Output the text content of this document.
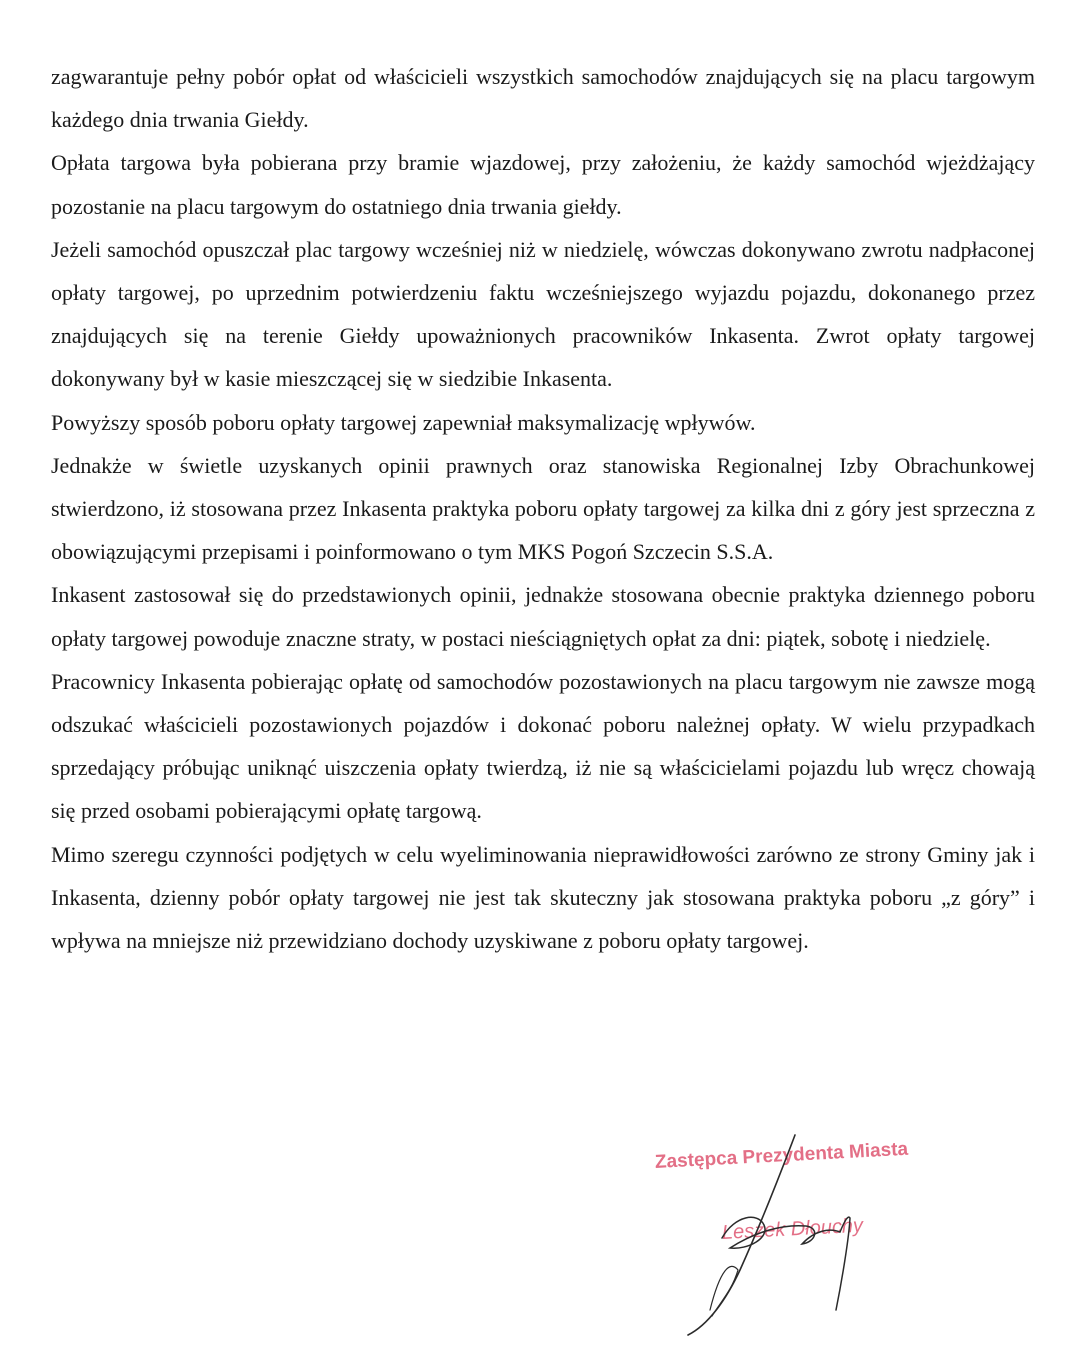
zagwarantuje pełny pobór opłat od właścicieli wszystkich samochodów znajdujących się na placu targowym każdego dnia trwania Giełdy.

Opłata targowa była pobierana przy bramie wjazdowej, przy założeniu, że każdy samochód wjeżdżający pozostanie na placu targowym do ostatniego dnia trwania giełdy.

Jeżeli samochód opuszczał plac targowy wcześniej niż w niedzielę, wówczas dokonywano zwrotu nadpłaconej opłaty targowej, po uprzednim potwierdzeniu faktu wcześniejszego wyjazdu pojazdu, dokonanego przez znajdujących się na terenie Giełdy upoważnionych pracowników Inkasenta. Zwrot opłaty targowej dokonywany był w kasie mieszczącej się w siedzibie Inkasenta.

Powyższy sposób poboru opłaty targowej zapewniał maksymalizację wpływów.

Jednakże w świetle uzyskanych opinii prawnych oraz stanowiska Regionalnej Izby Obrachunkowej stwierdzono, iż stosowana przez Inkasenta praktyka poboru opłaty targowej za kilka dni z góry jest sprzeczna z obowiązującymi przepisami i poinformowano o tym MKS Pogoń Szczecin S.S.A.

Inkasent zastosował się do przedstawionych opinii, jednakże stosowana obecnie praktyka dziennego poboru opłaty targowej powoduje znaczne straty, w postaci nieściągniętych opłat za dni: piątek, sobotę i niedzielę.

Pracownicy Inkasenta pobierając opłatę od samochodów pozostawionych na placu targowym nie zawsze mogą odszukać właścicieli pozostawionych pojazdów i dokonać poboru należnej opłaty. W wielu przypadkach sprzedający próbując uniknąć uiszczenia opłaty twierdzą, iż nie są właścicielami pojazdu lub wręcz chowają się przed osobami pobierającymi opłatę targową.

Mimo szeregu czynności podjętych w celu wyeliminowania nieprawidłowości zarówno ze strony Gminy jak i Inkasenta, dzienny pobór opłaty targowej nie jest tak skuteczny jak stosowana praktyka poboru „z góry” i wpływa na mniejsze niż przewidziano dochody uzyskiwane z poboru opłaty targowej.

Zastępca Prezydenta Miasta
Leszek Dłouchy
